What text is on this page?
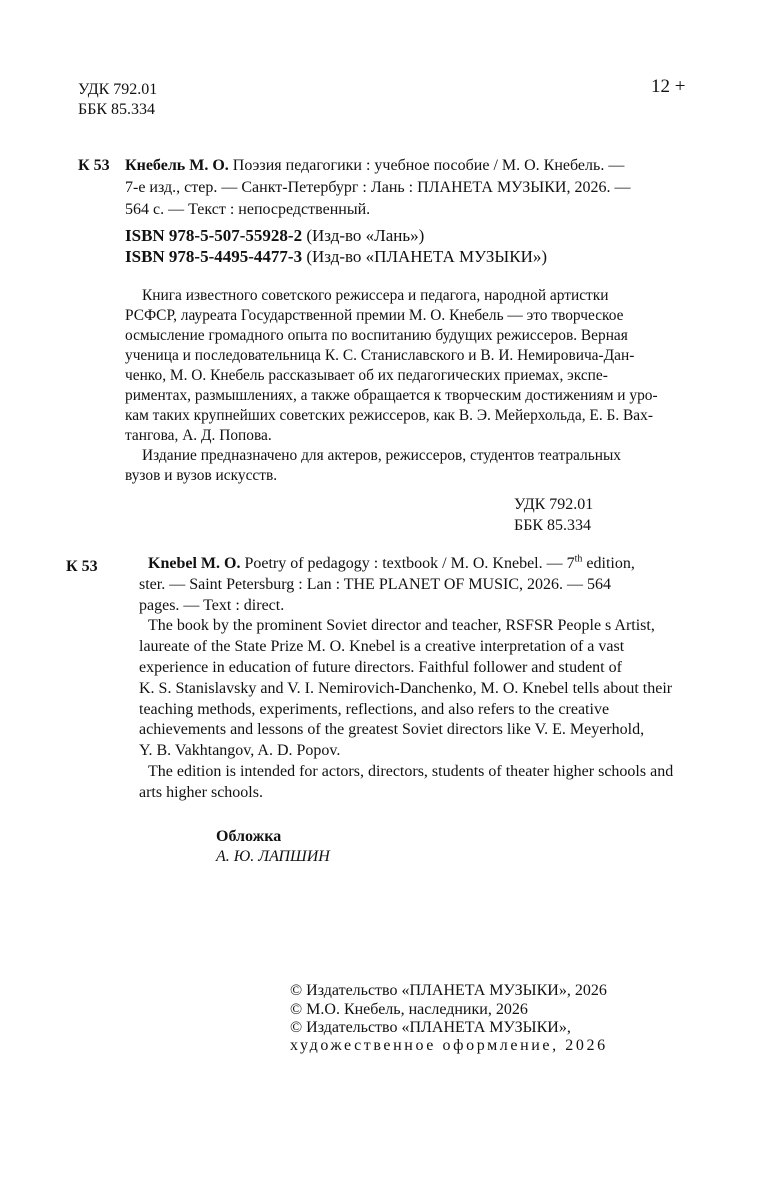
УДК 792.01
ББК 85.334
12 +
К 53 Кнебель М. О. Поэзия педагогики : учебное пособие / М. О. Кнебель. —
7-е изд., стер. — Санкт-Петербург : Лань : ПЛАНЕТА МУЗЫКИ, 2026. —
564 с. — Текст : непосредственный.
ISBN 978-5-507-55928-2 (Изд-во «Лань»)
ISBN 978-5-4495-4477-3 (Изд-во «ПЛАНЕТА МУЗЫКИ»)
Книга известного советского режиссера и педагога, народной артистки
РСФСР, лауреата Государственной премии М. О. Кнебель — это творческое
осмысление громадного опыта по воспитанию будущих режиссеров. Верная
ученица и последовательница К. С. Станиславского и В. И. Немировича-Дан-
ченко, М. О. Кнебель рассказывает об их педагогических приемах, экспе-
риментах, размышлениях, а также обращается к творческим достижениям и уро-
кам таких крупнейших советских режиссеров, как В. Э. Мейерхольда, Е. Б. Вах-
тангова, А. Д. Попова.
Издание предназначено для актеров, режиссеров, студентов театральных
вузов и вузов искусств.
УДК 792.01
ББК 85.334
К 53	Knebel M. O. Poetry of pedagogy : textbook / M. O. Knebel. — 7th edition,
ster. — Saint Petersburg : Lan : THE PLANET OF MUSIC, 2026. — 564
pages. — Text : direct.
The book by the prominent Soviet director and teacher, RSFSR People s Artist,
laureate of the State Prize M. O. Knebel is a creative interpretation of a vast
experience in education of future directors. Faithful follower and student of
K. S. Stanislavsky and V. I. Nemirovich-Danchenko, M. O. Knebel tells about their
teaching methods, experiments, reflections, and also refers to the creative
achievements and lessons of the greatest Soviet directors like V. E. Meyerhold,
Y. B. Vakhtangov, A. D. Popov.
The edition is intended for actors, directors, students of theater higher schools and
arts higher schools.
Обложка
А. Ю. ЛАПШИН
© Издательство «ПЛАНЕТА МУЗЫКИ», 2026
© М.О. Кнебель, наследники, 2026
© Издательство «ПЛАНЕТА МУЗЫКИ»,
художественное оформление, 2026
